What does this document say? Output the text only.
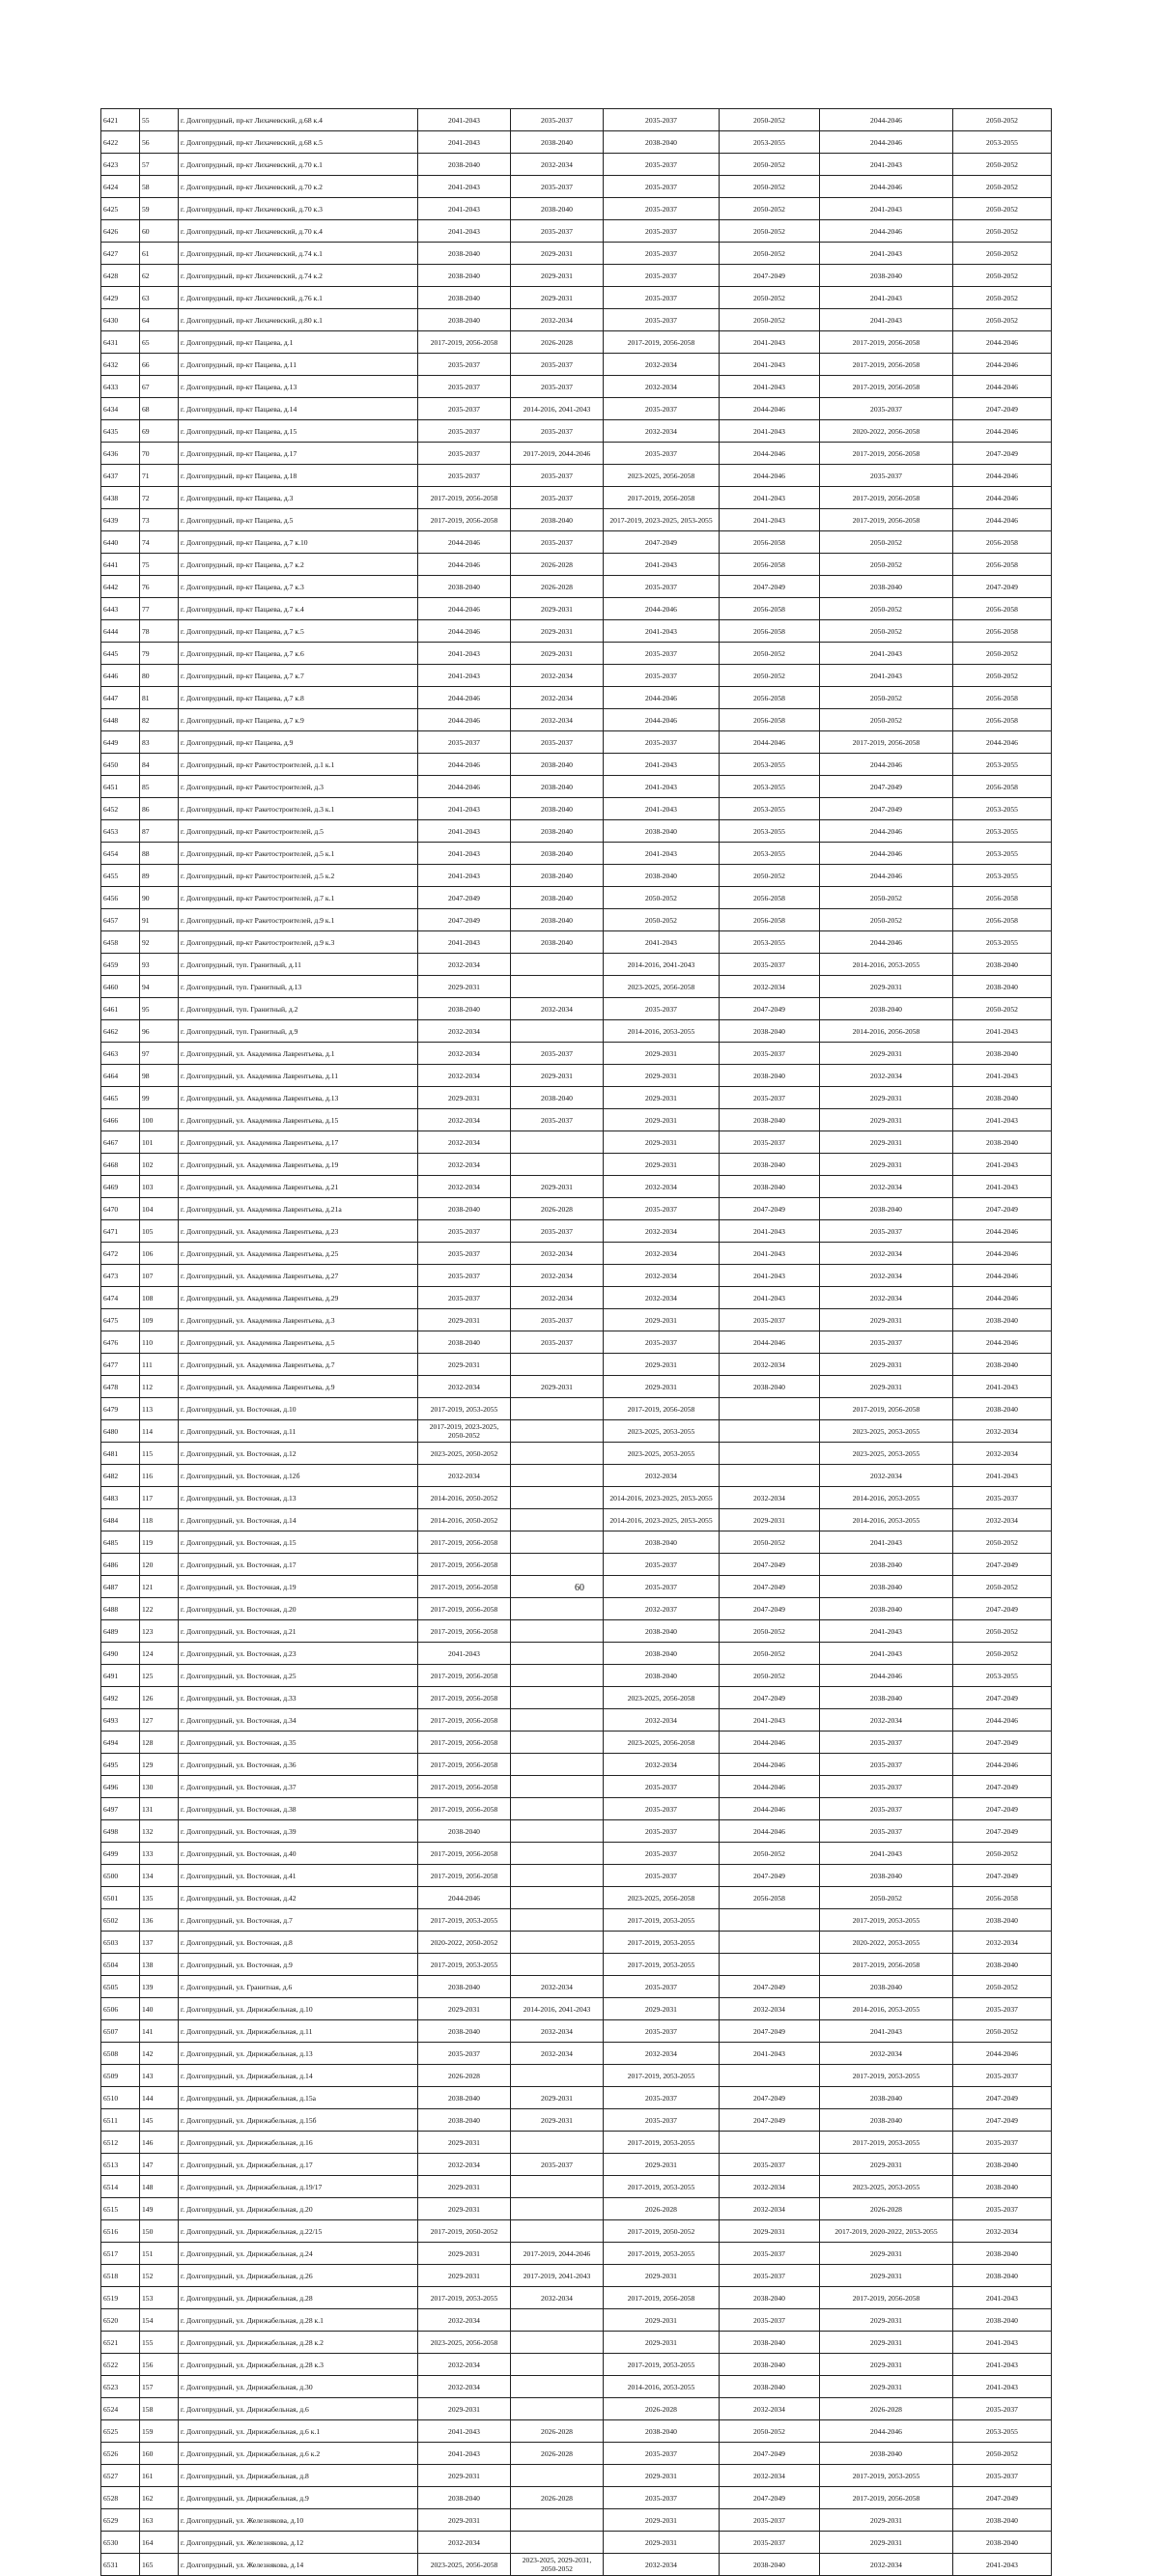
6421	55	г. Долгопрудный, пр-кт Лихачевский, д.68 к.4	2041-2043	2035-2037	2035-2037	2050-2052	2044-2046	2050-2052
6422	56	г. Долгопрудный, пр-кт Лихачевский, д.68 к.5	2041-2043	2038-2040	2038-2040	2053-2055	2044-2046	2053-2055
6423	57	г. Долгопрудный, пр-кт Лихачевский, д.70 к.1	2038-2040	2032-2034	2035-2037	2050-2052	2041-2043	2050-2052
6424	58	г. Долгопрудный, пр-кт Лихачевский, д.70 к.2	2041-2043	2035-2037	2035-2037	2050-2052	2044-2046	2050-2052
6425	59	г. Долгопрудный, пр-кт Лихачевский, д.70 к.3	2041-2043	2038-2040	2035-2037	2050-2052	2041-2043	2050-2052
6426	60	г. Долгопрудный, пр-кт Лихачевский, д.70 к.4	2041-2043	2035-2037	2035-2037	2050-2052	2044-2046	2050-2052
6427	61	г. Долгопрудный, пр-кт Лихачевский, д.74 к.1	2038-2040	2029-2031	2035-2037	2050-2052	2041-2043	2050-2052
6428	62	г. Долгопрудный, пр-кт Лихачевский, д.74 к.2	2038-2040	2029-2031	2035-2037	2047-2049	2038-2040	2050-2052
6429	63	г. Долгопрудный, пр-кт Лихачевский, д.76 к.1	2038-2040	2029-2031	2035-2037	2050-2052	2041-2043	2050-2052
6430	64	г. Долгопрудный, пр-кт Лихачевский, д.80 к.1	2038-2040	2032-2034	2035-2037	2050-2052	2041-2043	2050-2052
6431	65	г. Долгопрудный, пр-кт Пацаева, д.1	2017-2019, 2056-2058	2026-2028	2017-2019, 2056-2058	2041-2043	2017-2019, 2056-2058	2044-2046
6432	66	г. Долгопрудный, пр-кт Пацаева, д.11	2035-2037	2035-2037	2032-2034	2041-2043	2017-2019, 2056-2058	2044-2046
6433	67	г. Долгопрудный, пр-кт Пацаева, д.13	2035-2037	2035-2037	2032-2034	2041-2043	2017-2019, 2056-2058	2044-2046
6434	68	г. Долгопрудный, пр-кт Пацаева, д.14	2035-2037	2014-2016, 2041-2043	2035-2037	2044-2046	2035-2037	2047-2049
6435	69	г. Долгопрудный, пр-кт Пацаева, д.15	2035-2037	2035-2037	2032-2034	2041-2043	2020-2022, 2056-2058	2044-2046
6436	70	г. Долгопрудный, пр-кт Пацаева, д.17	2035-2037	2017-2019, 2044-2046	2035-2037	2044-2046	2017-2019, 2056-2058	2047-2049
6437	71	г. Долгопрудный, пр-кт Пацаева, д.18	2035-2037	2035-2037	2023-2025, 2056-2058	2044-2046	2035-2037	2044-2046
6438	72	г. Долгопрудный, пр-кт Пацаева, д.3	2017-2019, 2056-2058	2035-2037	2017-2019, 2056-2058	2041-2043	2017-2019, 2056-2058	2044-2046
6439	73	г. Долгопрудный, пр-кт Пацаева, д.5	2017-2019, 2056-2058	2038-2040	2017-2019, 2023-2025, 2053-2055	2041-2043	2017-2019, 2056-2058	2044-2046
6440	74	г. Долгопрудный, пр-кт Пацаева, д.7 к.10	2044-2046	2035-2037	2047-2049	2056-2058	2050-2052	2056-2058
6441	75	г. Долгопрудный, пр-кт Пацаева, д.7 к.2	2044-2046	2026-2028	2041-2043	2056-2058	2050-2052	2056-2058
6442	76	г. Долгопрудный, пр-кт Пацаева, д.7 к.3	2038-2040	2026-2028	2035-2037	2047-2049	2038-2040	2047-2049
6443	77	г. Долгопрудный, пр-кт Пацаева, д.7 к.4	2044-2046	2029-2031	2044-2046	2056-2058	2050-2052	2056-2058
6444	78	г. Долгопрудный, пр-кт Пацаева, д.7 к.5	2044-2046	2029-2031	2041-2043	2056-2058	2050-2052	2056-2058
6445	79	г. Долгопрудный, пр-кт Пацаева, д.7 к.6	2041-2043	2029-2031	2035-2037	2050-2052	2041-2043	2050-2052
6446	80	г. Долгопрудный, пр-кт Пацаева, д.7 к.7	2041-2043	2032-2034	2035-2037	2050-2052	2041-2043	2050-2052
6447	81	г. Долгопрудный, пр-кт Пацаева, д.7 к.8	2044-2046	2032-2034	2044-2046	2056-2058	2050-2052	2056-2058
6448	82	г. Долгопрудный, пр-кт Пацаева, д.7 к.9	2044-2046	2032-2034	2044-2046	2056-2058	2050-2052	2056-2058
6449	83	г. Долгопрудный, пр-кт Пацаева, д.9	2035-2037	2035-2037	2035-2037	2044-2046	2017-2019, 2056-2058	2044-2046
6450	84	г. Долгопрудный, пр-кт Ракетостроителей, д.1 к.1	2044-2046	2038-2040	2041-2043	2053-2055	2044-2046	2053-2055
6451	85	г. Долгопрудный, пр-кт Ракетостроителей, д.3	2044-2046	2038-2040	2041-2043	2053-2055	2047-2049	2056-2058
6452	86	г. Долгопрудный, пр-кт Ракетостроителей, д.3 к.1	2041-2043	2038-2040	2041-2043	2053-2055	2047-2049	2053-2055
6453	87	г. Долгопрудный, пр-кт Ракетостроителей, д.5	2041-2043	2038-2040	2038-2040	2053-2055	2044-2046	2053-2055
6454	88	г. Долгопрудный, пр-кт Ракетостроителей, д.5 к.1	2041-2043	2038-2040	2041-2043	2053-2055	2044-2046	2053-2055
6455	89	г. Долгопрудный, пр-кт Ракетостроителей, д.5 к.2	2041-2043	2038-2040	2038-2040	2050-2052	2044-2046	2053-2055
6456	90	г. Долгопрудный, пр-кт Ракетостроителей, д.7 к.1	2047-2049	2038-2040	2050-2052	2056-2058	2050-2052	2056-2058
6457	91	г. Долгопрудный, пр-кт Ракетостроителей, д.9 к.1	2047-2049	2038-2040	2050-2052	2056-2058	2050-2052	2056-2058
6458	92	г. Долгопрудный, пр-кт Ракетостроителей, д.9 к.3	2041-2043	2038-2040	2041-2043	2053-2055	2044-2046	2053-2055
6459	93	г. Долгопрудный, туп. Гранитный, д.11	2032-2034		2014-2016, 2041-2043	2035-2037	2014-2016, 2053-2055	2038-2040
6460	94	г. Долгопрудный, туп. Гранитный, д.13	2029-2031		2023-2025, 2056-2058	2032-2034	2029-2031	2038-2040
6461	95	г. Долгопрудный, туп. Гранитный, д.2	2038-2040	2032-2034	2035-2037	2047-2049	2038-2040	2050-2052
6462	96	г. Долгопрудный, туп. Гранитный, д.9	2032-2034		2014-2016, 2053-2055	2038-2040	2014-2016, 2056-2058	2041-2043
6463	97	г. Долгопрудный, ул. Академика Лаврентьева, д.1	2032-2034	2035-2037	2029-2031	2035-2037	2029-2031	2038-2040
6464	98	г. Долгопрудный, ул. Академика Лаврентьева, д.11	2032-2034	2029-2031	2029-2031	2038-2040	2032-2034	2041-2043
6465	99	г. Долгопрудный, ул. Академика Лаврентьева, д.13	2029-2031	2038-2040	2029-2031	2035-2037	2029-2031	2038-2040
6466	100	г. Долгопрудный, ул. Академика Лаврентьева, д.15	2032-2034	2035-2037	2029-2031	2038-2040	2029-2031	2041-2043
6467	101	г. Долгопрудный, ул. Академика Лаврентьева, д.17	2032-2034		2029-2031	2035-2037	2029-2031	2038-2040
6468	102	г. Долгопрудный, ул. Академика Лаврентьева, д.19	2032-2034		2029-2031	2038-2040	2029-2031	2041-2043
6469	103	г. Долгопрудный, ул. Академика Лаврентьева, д.21	2032-2034	2029-2031	2032-2034	2038-2040	2032-2034	2041-2043
6470	104	г. Долгопрудный, ул. Академика Лаврентьева, д.21а	2038-2040	2026-2028	2035-2037	2047-2049	2038-2040	2047-2049
6471	105	г. Долгопрудный, ул. Академика Лаврентьева, д.23	2035-2037	2035-2037	2032-2034	2041-2043	2035-2037	2044-2046
6472	106	г. Долгопрудный, ул. Академика Лаврентьева, д.25	2035-2037	2032-2034	2032-2034	2041-2043	2032-2034	2044-2046
6473	107	г. Долгопрудный, ул. Академика Лаврентьева, д.27	2035-2037	2032-2034	2032-2034	2041-2043	2032-2034	2044-2046
6474	108	г. Долгопрудный, ул. Академика Лаврентьева, д.29	2035-2037	2032-2034	2032-2034	2041-2043	2032-2034	2044-2046
6475	109	г. Долгопрудный, ул. Академика Лаврентьева, д.3	2029-2031	2035-2037	2029-2031	2035-2037	2029-2031	2038-2040
6476	110	г. Долгопрудный, ул. Академика Лаврентьева, д.5	2038-2040	2035-2037	2035-2037	2044-2046	2035-2037	2044-2046
6477	111	г. Долгопрудный, ул. Академика Лаврентьева, д.7	2029-2031		2029-2031	2032-2034	2029-2031	2038-2040
6478	112	г. Долгопрудный, ул. Академика Лаврентьева, д.9	2032-2034	2029-2031	2029-2031	2038-2040	2029-2031	2041-2043
6479	113	г. Долгопрудный, ул. Восточная, д.10	2017-2019, 2053-2055		2017-2019, 2056-2058		2017-2019, 2056-2058	2038-2040
6480	114	г. Долгопрудный, ул. Восточная, д.11	2017-2019, 2023-2025, 2050-2052		2023-2025, 2053-2055		2023-2025, 2053-2055	2032-2034
6481	115	г. Долгопрудный, ул. Восточная, д.12	2023-2025, 2050-2052		2023-2025, 2053-2055		2023-2025, 2053-2055	2032-2034
6482	116	г. Долгопрудный, ул. Восточная, д.12б	2032-2034		2032-2034		2032-2034	2041-2043
6483	117	г. Долгопрудный, ул. Восточная, д.13	2014-2016, 2050-2052		2014-2016, 2023-2025, 2053-2055	2032-2034	2014-2016, 2053-2055	2035-2037
6484	118	г. Долгопрудный, ул. Восточная, д.14	2014-2016, 2050-2052		2014-2016, 2023-2025, 2053-2055	2029-2031	2014-2016, 2053-2055	2032-2034
6485	119	г. Долгопрудный, ул. Восточная, д.15	2017-2019, 2056-2058		2038-2040	2050-2052	2041-2043	2050-2052
6486	120	г. Долгопрудный, ул. Восточная, д.17	2017-2019, 2056-2058		2035-2037	2047-2049	2038-2040	2047-2049
6487	121	г. Долгопрудный, ул. Восточная, д.19	2017-2019, 2056-2058		2035-2037	2047-2049	2038-2040	2050-2052
6488	122	г. Долгопрудный, ул. Восточная, д.20	2017-2019, 2056-2058		2032-2037	2047-2049	2038-2040	2047-2049
6489	123	г. Долгопрудный, ул. Восточная, д.21	2017-2019, 2056-2058		2038-2040	2050-2052	2041-2043	2050-2052
6490	124	г. Долгопрудный, ул. Восточная, д.23	2041-2043		2038-2040	2050-2052	2041-2043	2050-2052
6491	125	г. Долгопрудный, ул. Восточная, д.25	2017-2019, 2056-2058		2038-2040	2050-2052	2044-2046	2053-2055
6492	126	г. Долгопрудный, ул. Восточная, д.33	2017-2019, 2056-2058		2023-2025, 2056-2058	2047-2049	2038-2040	2047-2049
6493	127	г. Долгопрудный, ул. Восточная, д.34	2017-2019, 2056-2058		2032-2034	2041-2043	2032-2034	2044-2046
6494	128	г. Долгопрудный, ул. Восточная, д.35	2017-2019, 2056-2058		2023-2025, 2056-2058	2044-2046	2035-2037	2047-2049
6495	129	г. Долгопрудный, ул. Восточная, д.36	2017-2019, 2056-2058		2032-2034	2044-2046	2035-2037	2044-2046
6496	130	г. Долгопрудный, ул. Восточная, д.37	2017-2019, 2056-2058		2035-2037	2044-2046	2035-2037	2047-2049
6497	131	г. Долгопрудный, ул. Восточная, д.38	2017-2019, 2056-2058		2035-2037	2044-2046	2035-2037	2047-2049
6498	132	г. Долгопрудный, ул. Восточная, д.39	2038-2040		2035-2037	2044-2046	2035-2037	2047-2049
6499	133	г. Долгопрудный, ул. Восточная, д.40	2017-2019, 2056-2058		2035-2037	2050-2052	2041-2043	2050-2052
6500	134	г. Долгопрудный, ул. Восточная, д.41	2017-2019, 2056-2058		2035-2037	2047-2049	2038-2040	2047-2049
6501	135	г. Долгопрудный, ул. Восточная, д.42	2044-2046		2023-2025, 2056-2058	2056-2058	2050-2052	2056-2058
6502	136	г. Долгопрудный, ул. Восточная, д.7	2017-2019, 2053-2055		2017-2019, 2053-2055		2017-2019, 2053-2055	2038-2040
6503	137	г. Долгопрудный, ул. Восточная, д.8	2020-2022, 2050-2052		2017-2019, 2053-2055		2020-2022, 2053-2055	2032-2034
6504	138	г. Долгопрудный, ул. Восточная, д.9	2017-2019, 2053-2055		2017-2019, 2053-2055		2017-2019, 2056-2058	2038-2040
6505	139	г. Долгопрудный, ул. Гранитная, д.6	2038-2040	2032-2034	2035-2037	2047-2049	2038-2040	2050-2052
6506	140	г. Долгопрудный, ул. Дирижабельная, д.10	2029-2031	2014-2016, 2041-2043	2029-2031	2032-2034	2014-2016, 2053-2055	2035-2037
6507	141	г. Долгопрудный, ул. Дирижабельная, д.11	2038-2040	2032-2034	2035-2037	2047-2049	2041-2043	2050-2052
6508	142	г. Долгопрудный, ул. Дирижабельная, д.13	2035-2037	2032-2034	2032-2034	2041-2043	2032-2034	2044-2046
6509	143	г. Долгопрудный, ул. Дирижабельная, д.14	2026-2028		2017-2019, 2053-2055		2017-2019, 2053-2055	2035-2037
6510	144	г. Долгопрудный, ул. Дирижабельная, д.15а	2038-2040	2029-2031	2035-2037	2047-2049	2038-2040	2047-2049
6511	145	г. Долгопрудный, ул. Дирижабельная, д.15б	2038-2040	2029-2031	2035-2037	2047-2049	2038-2040	2047-2049
6512	146	г. Долгопрудный, ул. Дирижабельная, д.16	2029-2031		2017-2019, 2053-2055		2017-2019, 2053-2055	2035-2037
6513	147	г. Долгопрудный, ул. Дирижабельная, д.17	2032-2034	2035-2037	2029-2031	2035-2037	2029-2031	2038-2040
6514	148	г. Долгопрудный, ул. Дирижабельная, д.19/17	2029-2031		2017-2019, 2053-2055	2032-2034	2023-2025, 2053-2055	2038-2040
6515	149	г. Долгопрудный, ул. Дирижабельная, д.20	2029-2031		2026-2028	2032-2034	2026-2028	2035-2037
6516	150	г. Долгопрудный, ул. Дирижабельная, д.22/15	2017-2019, 2050-2052		2017-2019, 2050-2052	2029-2031	2017-2019, 2020-2022, 2053-2055	2032-2034
6517	151	г. Долгопрудный, ул. Дирижабельная, д.24	2029-2031	2017-2019, 2044-2046	2017-2019, 2053-2055	2035-2037	2029-2031	2038-2040
6518	152	г. Долгопрудный, ул. Дирижабельная, д.26	2029-2031	2017-2019, 2041-2043	2029-2031	2035-2037	2029-2031	2038-2040
6519	153	г. Долгопрудный, ул. Дирижабельная, д.28	2017-2019, 2053-2055	2032-2034	2017-2019, 2056-2058	2038-2040	2017-2019, 2056-2058	2041-2043
6520	154	г. Долгопрудный, ул. Дирижабельная, д.28 к.1	2032-2034		2029-2031	2035-2037	2029-2031	2038-2040
6521	155	г. Долгопрудный, ул. Дирижабельная, д.28 к.2	2023-2025, 2056-2058		2029-2031	2038-2040	2029-2031	2041-2043
6522	156	г. Долгопрудный, ул. Дирижабельная, д.28 к.3	2032-2034		2017-2019, 2053-2055	2038-2040	2029-2031	2041-2043
6523	157	г. Долгопрудный, ул. Дирижабельная, д.30	2032-2034		2014-2016, 2053-2055	2038-2040	2029-2031	2041-2043
6524	158	г. Долгопрудный, ул. Дирижабельная, д.6	2029-2031		2026-2028	2032-2034	2026-2028	2035-2037
6525	159	г. Долгопрудный, ул. Дирижабельная, д.6 к.1	2041-2043	2026-2028	2038-2040	2050-2052	2044-2046	2053-2055
6526	160	г. Долгопрудный, ул. Дирижабельная, д.6 к.2	2041-2043	2026-2028	2035-2037	2047-2049	2038-2040	2050-2052
6527	161	г. Долгопрудный, ул. Дирижабельная, д.8	2029-2031		2029-2031	2032-2034	2017-2019, 2053-2055	2035-2037
6528	162	г. Долгопрудный, ул. Дирижабельная, д.9	2038-2040	2026-2028	2035-2037	2047-2049	2017-2019, 2056-2058	2047-2049
6529	163	г. Долгопрудный, ул. Железнякова, д.10	2029-2031		2029-2031	2035-2037	2029-2031	2038-2040
6530	164	г. Долгопрудный, ул. Железнякова, д.12	2032-2034		2029-2031	2035-2037	2029-2031	2038-2040
6531	165	г. Долгопрудный, ул. Железнякова, д.14	2023-2025, 2056-2058	2023-2025, 2029-2031, 2050-2052	2032-2034	2038-2040	2032-2034	2041-2043
60
